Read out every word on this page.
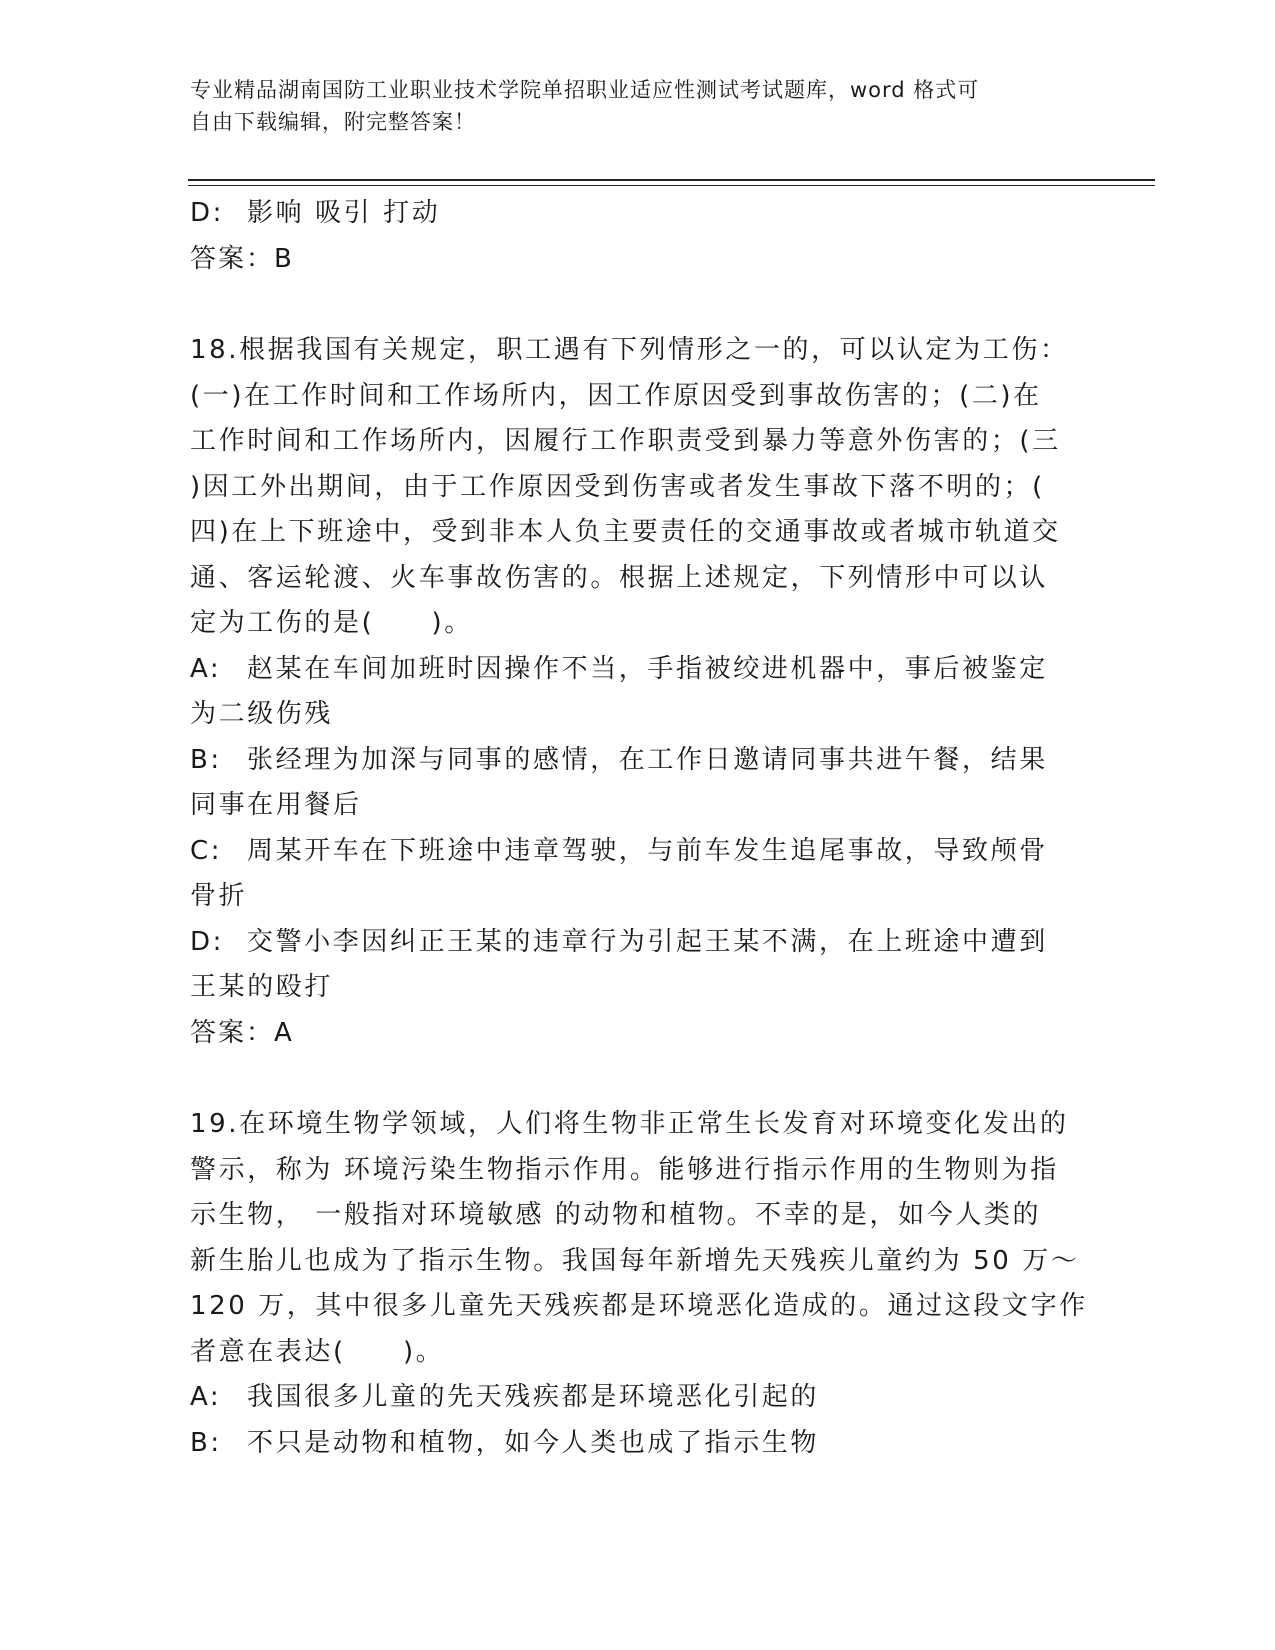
专业精品湖南国防工业职业技术学院单招职业适应性测试考试题库，word 格式可
自由下载编辑，附完整答案！
D: 影响 吸引 打动
答案：B
18.根据我国有关规定，职工遇有下列情形之一的，可以认定为工伤：
(一)在工作时间和工作场所内，因工作原因受到事故伤害的；(二)在
工作时间和工作场所内，因履行工作职责受到暴力等意外伤害的；(三
)因工外出期间，由于工作原因受到伤害或者发生事故下落不明的；(
四)在上下班途中，受到非本人负主要责任的交通事故或者城市轨道交
通、客运轮渡、火车事故伤害的。根据上述规定，下列情形中可以认
定为工伤的是(　　)。
A: 赵某在车间加班时因操作不当，手指被绞进机器中，事后被鉴定
为二级伤残
B: 张经理为加深与同事的感情，在工作日邀请同事共进午餐，结果
同事在用餐后
C: 周某开车在下班途中违章驾驶，与前车发生追尾事故，导致颅骨
骨折
D: 交警小李因纠正王某的违章行为引起王某不满，在上班途中遭到
王某的殴打
答案：A
19.在环境生物学领域，人们将生物非正常生长发育对环境变化发出的
警示，称为 环境污染生物指示作用。能够进行指示作用的生物则为指
示生物， 一般指对环境敏感 的动物和植物。不幸的是，如今人类的
新生胎儿也成为了指示生物。我国每年新增先天残疾儿童约为 50 万～
120 万，其中很多儿童先天残疾都是环境恶化造成的。通过这段文字作
者意在表达(　　)。
A: 我国很多儿童的先天残疾都是环境恶化引起的
B: 不只是动物和植物，如今人类也成了指示生物
